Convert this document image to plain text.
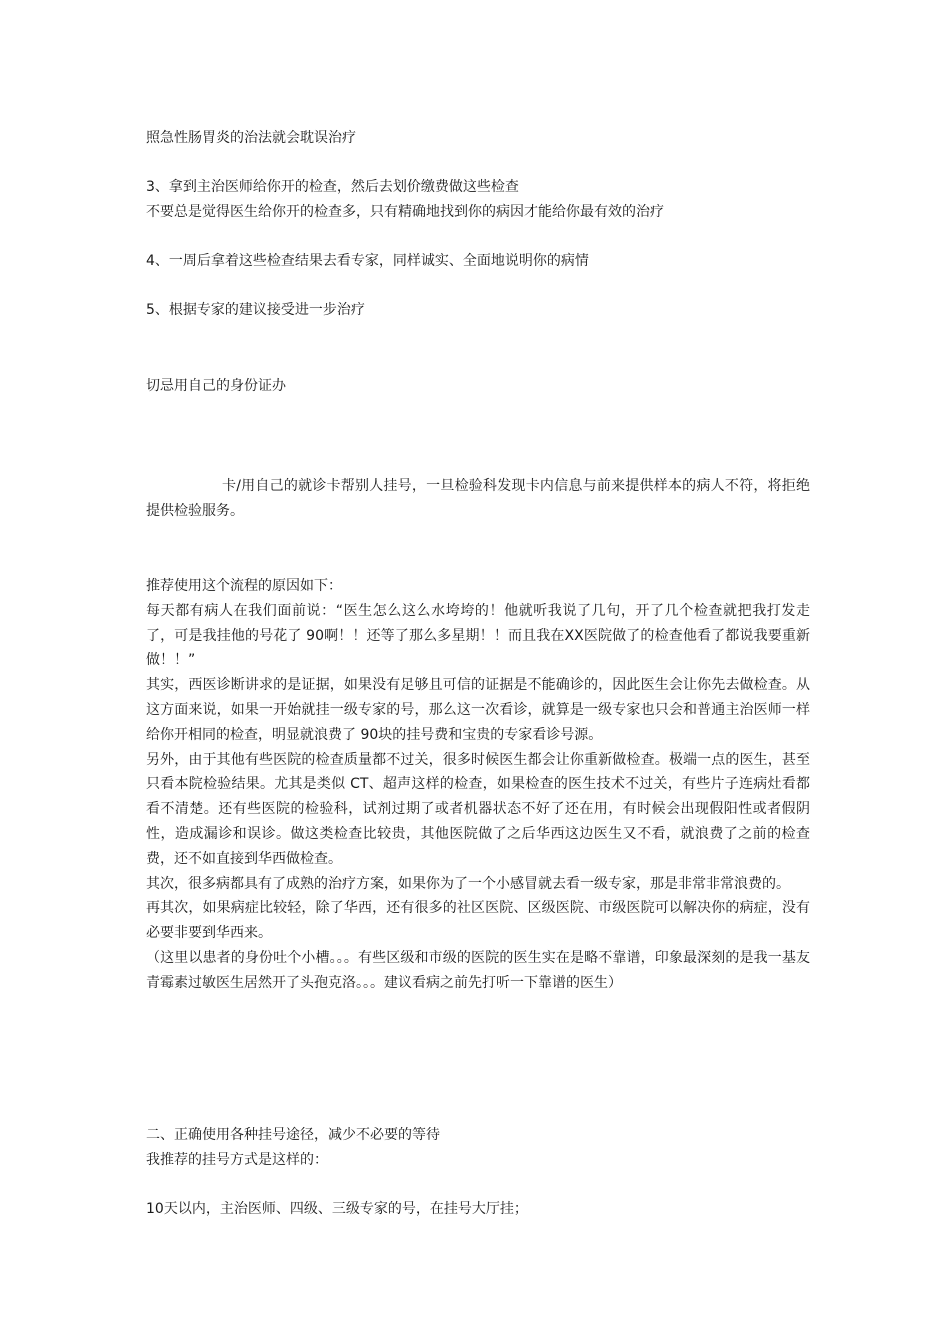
照急性肠胃炎的治法就会耽误治疗
3、拿到主治医师给你开的检查，然后去划价缴费做这些检查
不要总是觉得医生给你开的检查多，只有精确地找到你的病因才能给你最有效的治疗
4、一周后拿着这些检查结果去看专家，同样诚实、全面地说明你的病情
5、根据专家的建议接受进一步治疗
切忌用自己的身份证办

卡/用自己的就诊卡帮别人挂号，一旦检验科发现卡内信息与前来提供样本的病人不符，将拒绝提供检验服务。

推荐使用这个流程的原因如下：

每天都有病人在我们面前说：“医生怎么这么水垮垮的！他就听我说了几句，开了几个检查就把我打发走了，可是我挂他的号花了 90啊！！还等了那么多星期！！而且我在XX医院做了的检查他看了都说我要重新做！！”

其实，西医诊断讲求的是证据，如果没有足够且可信的证据是不能确诊的，因此医生会让你先去做检查。从这方面来说，如果一开始就挂一级专家的号，那么这一次看诊，就算是一级专家也只会和普通主治医师一样给你开相同的检查，明显就浪费了 90块的挂号费和宝贵的专家看诊号源。

另外，由于其他有些医院的检查质量都不过关，很多时候医生都会让你重新做检查。极端一点的医生，甚至只看本院检验结果。尤其是类似 CT、超声这样的检查，如果检查的医生技术不过关，有些片子连病灶看都看不清楚。还有些医院的检验科，试剂过期了或者机器状态不好了还在用，有时候会出现假阳性或者假阴性，造成漏诊和误诊。做这类检查比较贵，其他医院做了之后华西这边医生又不看，就浪费了之前的检查费，还不如直接到华西做检查。

其次，很多病都具有了成熟的治疗方案，如果你为了一个小感冒就去看一级专家，那是非常非常浪费的。

再其次，如果病症比较轻，除了华西，还有很多的社区医院、区级医院、市级医院可以解决你的病症，没有必要非要到华西来。

（这里以患者的身份吐个小槽。。。有些区级和市级的医院的医生实在是略不靠谱，印象最深刻的是我一基友青霉素过敏医生居然开了头孢克洛。。。建议看病之前先打听一下靠谱的医生）

二、正确使用各种挂号途径，减少不必要的等待
我推荐的挂号方式是这样的：
10天以内，主治医师、四级、三级专家的号，在挂号大厅挂；
